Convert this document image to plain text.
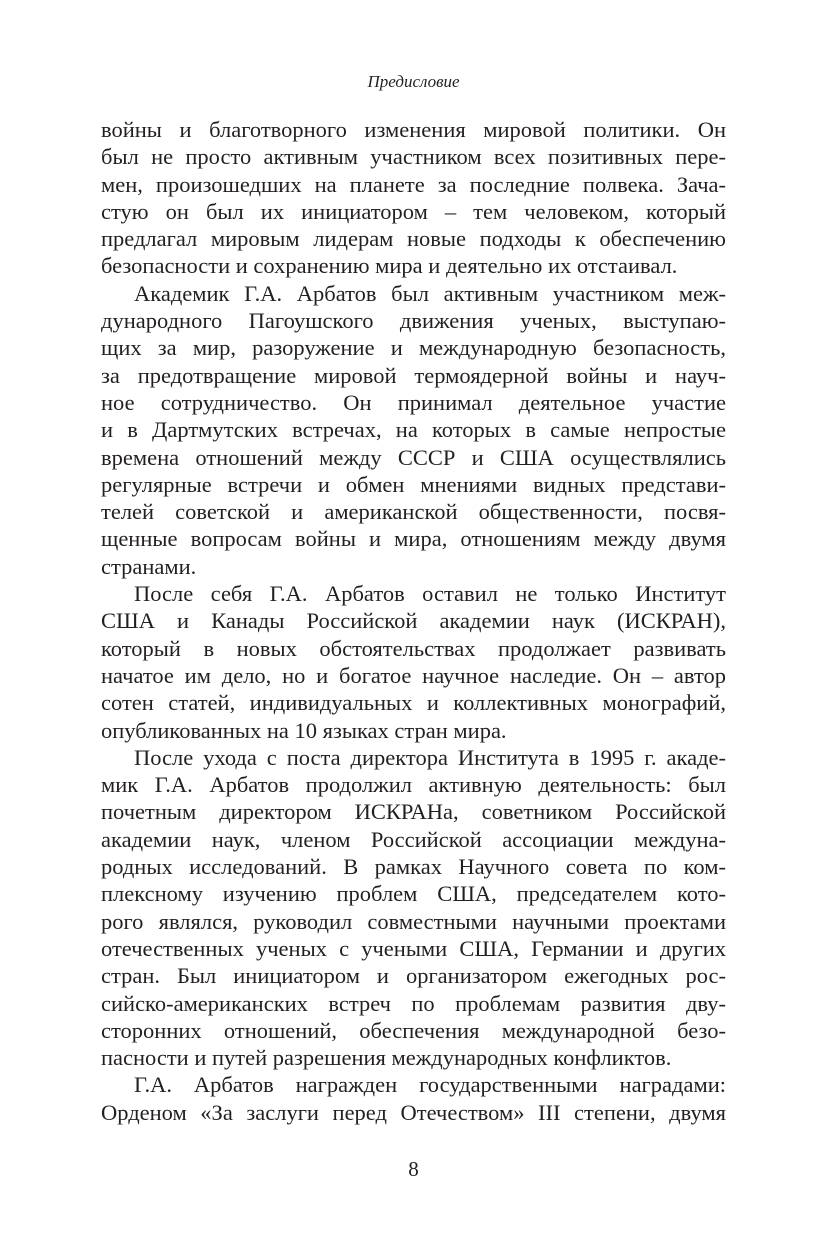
Предисловие
войны и благотворного изменения мировой политики. Он
был не просто активным участником всех позитивных пере-
мен, произошедших на планете за последние полвека. Зача-
стую он был их инициатором – тем человеком, который
предлагал мировым лидерам новые подходы к обеспечению
безопасности и сохранению мира и деятельно их отстаивал.
Академик Г.А. Арбатов был активным участником меж-
дународного Пагоушского движения ученых, выступаю-
щих за мир, разоружение и международную безопасность,
за предотвращение мировой термоядерной войны и науч-
ное сотрудничество. Он принимал деятельное участие
и в Дартмутских встречах, на которых в самые непростые
времена отношений между СССР и США осуществлялись
регулярные встречи и обмен мнениями видных представи-
телей советской и американской общественности, посвя-
щенные вопросам войны и мира, отношениям между двумя
странами.
После себя Г.А. Арбатов оставил не только Институт
США и Канады Российской академии наук (ИСКРАН),
который в новых обстоятельствах продолжает развивать
начатое им дело, но и богатое научное наследие. Он – автор
сотен статей, индивидуальных и коллективных монографий,
опубликованных на 10 языках стран мира.
После ухода с поста директора Института в 1995 г. акаде-
мик Г.А. Арбатов продолжил активную деятельность: был
почетным директором ИСКРАНа, советником Российской
академии наук, членом Российской ассоциации междуна-
родных исследований. В рамках Научного совета по ком-
плексному изучению проблем США, председателем кото-
рого являлся, руководил совместными научными проектами
отечественных ученых с учеными США, Германии и других
стран. Был инициатором и организатором ежегодных рос-
сийско-американских встреч по проблемам развития дву-
сторонних отношений, обеспечения международной безо-
пасности и путей разрешения международных конфликтов.
Г.А. Арбатов награжден государственными наградами:
Орденом «За заслуги перед Отечеством» III степени, двумя
8
